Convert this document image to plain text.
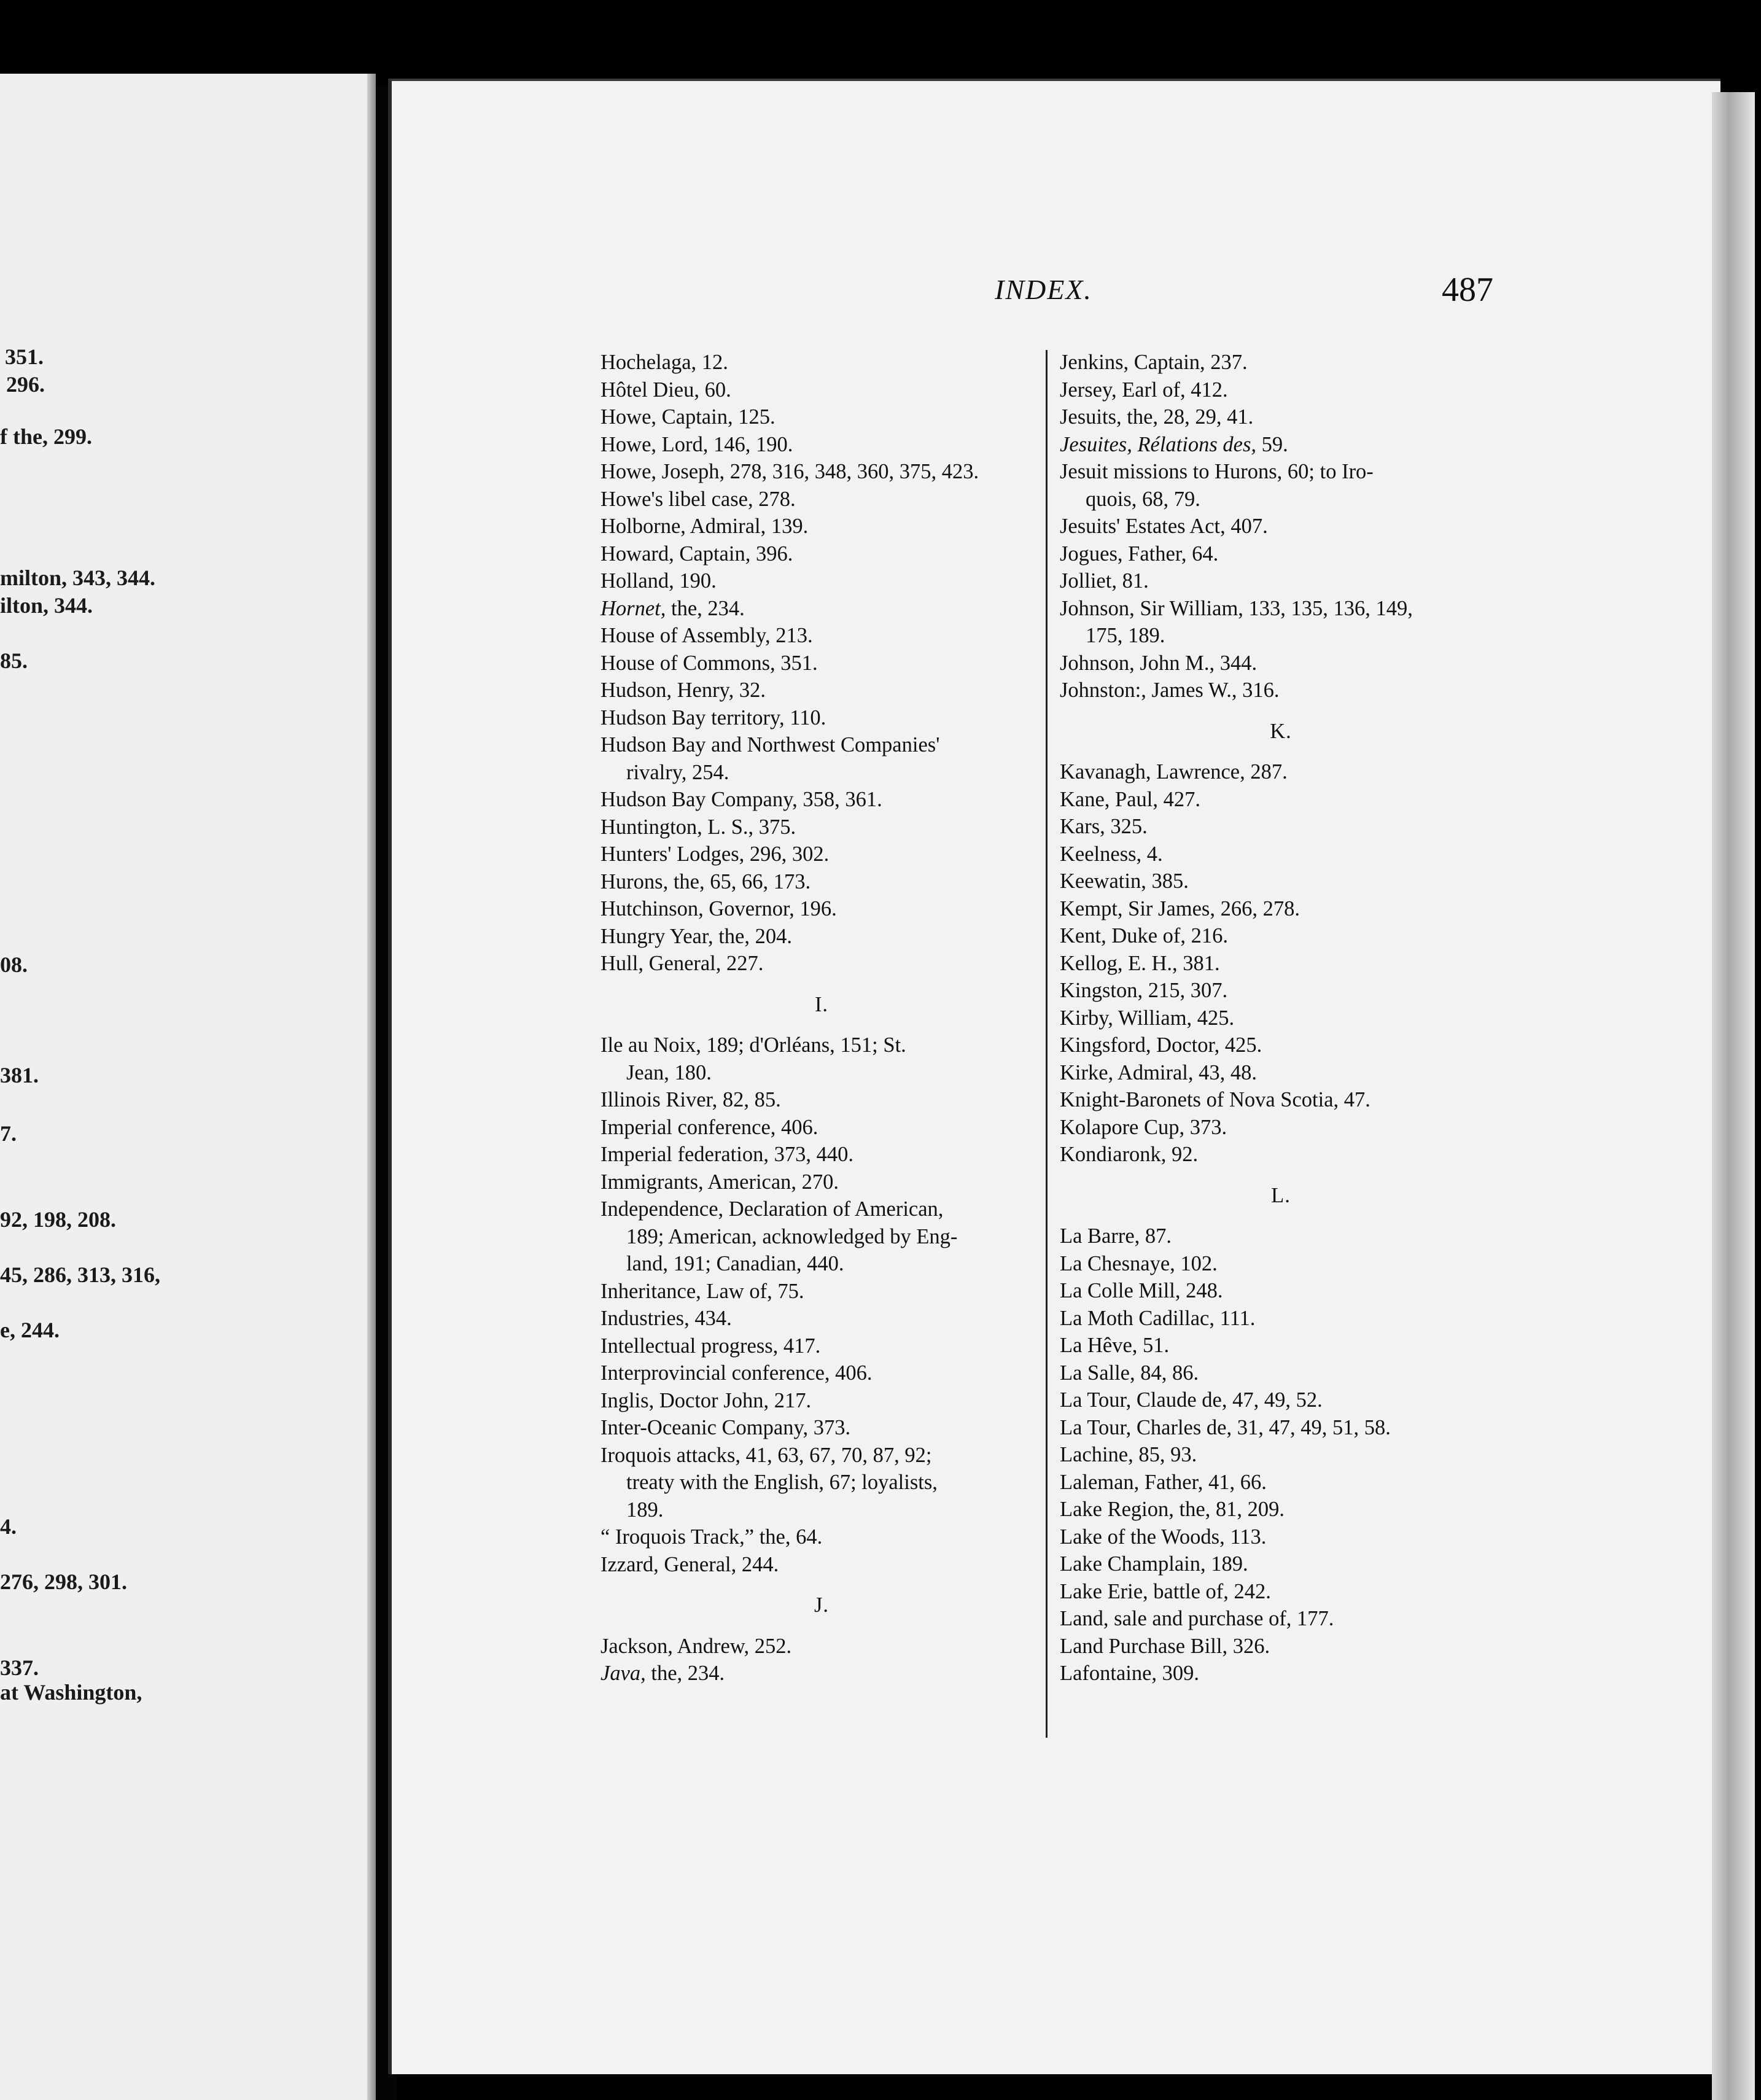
351.
296.
f the, 299.
milton, 343, 344.
ilton, 344.
85.
08.
381.
7.
92, 198, 208.
45, 286, 313, 316,
e, 244.
4.
276, 298, 301.
337.
at Washington,
INDEX.	487
Hochelaga, 12.
Hôtel Dieu, 60.
Howe, Captain, 125.
Howe, Lord, 146, 190.
Howe, Joseph, 278, 316, 348, 360, 375, 423.
Howe's libel case, 278.
Holborne, Admiral, 139.
Howard, Captain, 396.
Holland, 190.
Hornet, the, 234.
House of Assembly, 213.
House of Commons, 351.
Hudson, Henry, 32.
Hudson Bay territory, 110.
Hudson Bay and Northwest Companies'
rivalry, 254.
Hudson Bay Company, 358, 361.
Huntington, L. S., 375.
Hunters' Lodges, 296, 302.
Hurons, the, 65, 66, 173.
Hutchinson, Governor, 196.
Hungry Year, the, 204.
Hull, General, 227.
I.
Ile au Noix, 189; d'Orléans, 151; St.
Jean, 180.
Illinois River, 82, 85.
Imperial conference, 406.
Imperial federation, 373, 440.
Immigrants, American, 270.
Independence, Declaration of American,
189; American, acknowledged by Eng-
land, 191; Canadian, 440.
Inheritance, Law of, 75.
Industries, 434.
Intellectual progress, 417.
Interprovincial conference, 406.
Inglis, Doctor John, 217.
Inter-Oceanic Company, 373.
Iroquois attacks, 41, 63, 67, 70, 87, 92;
treaty with the English, 67; loyalists,
189.
“ Iroquois Track,” the, 64.
Izzard, General, 244.
J.
Jackson, Andrew, 252.
Java, the, 234.
Jenkins, Captain, 237.
Jersey, Earl of, 412.
Jesuits, the, 28, 29, 41.
Jesuites, Rélations des, 59.
Jesuit missions to Hurons, 60; to Iro-
quois, 68, 79.
Jesuits' Estates Act, 407.
Jogues, Father, 64.
Jolliet, 81.
Johnson, Sir William, 133, 135, 136, 149,
175, 189.
Johnson, John M., 344.
Johnston:, James W., 316.
K.
Kavanagh, Lawrence, 287.
Kane, Paul, 427.
Kars, 325.
Keelness, 4.
Keewatin, 385.
Kempt, Sir James, 266, 278.
Kent, Duke of, 216.
Kellog, E. H., 381.
Kingston, 215, 307.
Kirby, William, 425.
Kingsford, Doctor, 425.
Kirke, Admiral, 43, 48.
Knight-Baronets of Nova Scotia, 47.
Kolapore Cup, 373.
Kondiaronk, 92.
L.
La Barre, 87.
La Chesnaye, 102.
La Colle Mill, 248.
La Moth Cadillac, 111.
La Hêve, 51.
La Salle, 84, 86.
La Tour, Claude de, 47, 49, 52.
La Tour, Charles de, 31, 47, 49, 51, 58.
Lachine, 85, 93.
Laleman, Father, 41, 66.
Lake Region, the, 81, 209.
Lake of the Woods, 113.
Lake Champlain, 189.
Lake Erie, battle of, 242.
Land, sale and purchase of, 177.
Land Purchase Bill, 326.
Lafontaine, 309.
